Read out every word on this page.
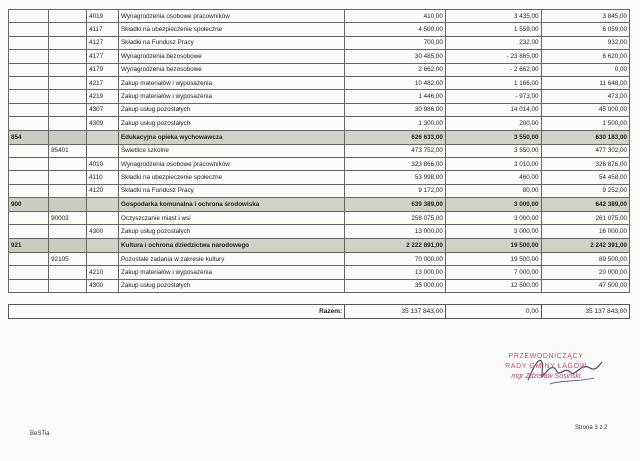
		4019	Wynagrodzenia osobowe pracowników	410,00	3 435,00	3 845,00
		4117	Składki na ubezpieczenie społeczne	4 500,00	1 559,00	6 059,00
		4127	Składki na Fundusz Pracy	700,00	232,00	932,00
		4177	Wynagrodzenia bezosobowe	30 485,00	- 23 865,00	6 620,00
		4179	Wynagrodzenia bezosobowe	2 662,00	- 2 662,00	0,00
		4217	Zakup materiałów i wyposażenia	10 482,00	1 166,00	11 648,00
		4219	Zakup materiałów i wyposażenia	1 446,00	- 973,00	473,00
		4307	Zakup usług pozostałych	30 986,00	14 014,00	45 000,00
		4309	Zakup usług pozostałych	1 300,00	200,00	1 500,00
854			Edukacyjna opieka wychowawcza	626 633,00	3 550,00	630 183,00
	85401		Świetlice szkolne	473 752,00	3 550,00	477 302,00
		4010	Wynagrodzenia osobowe pracowników	323 866,00	3 010,00	326 876,00
		4110	Składki na ubezpieczenie społeczne	53 998,00	460,00	54 458,00
		4120	Składki na Fundusz Pracy	9 172,00	80,00	9 252,00
900			Gospodarka komunalna i ochrona środowiska	639 389,00	3 000,00	642 389,00
	90003		Oczyszczanie miast i wsi	258 075,00	3 000,00	261 075,00
		4300	Zakup usług pozostałych	13 000,00	3 000,00	16 000,00
921			Kultura i ochrona dziedzictwa narodowego	2 222 891,00	19 500,00	2 242 391,00
	92105		Pozostałe zadania w zakresie kultury	70 000,00	19 500,00	89 500,00
		4210	Zakup materiałów i wyposażenia	13 000,00	7 000,00	20 000,00
		4300	Zakup usług pozostałych	35 000,00	12 500,00	47 500,00
Razem:	35 137 843,00	0,00	35 137 843,00
PRZEWODNICZĄCY
RADY GMINY ŁAGÓW
mgr Zdzisław Sosiński
BeSTia
Strona 3 z 2
